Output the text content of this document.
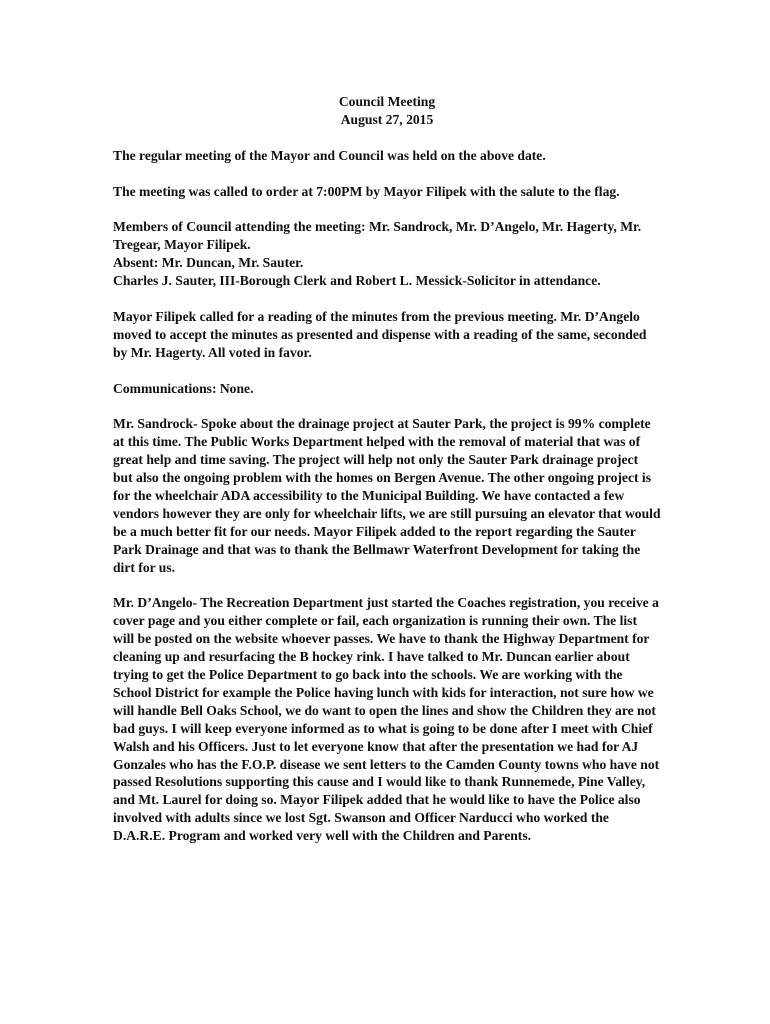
Council Meeting
August 27, 2015

The regular meeting of the Mayor and Council was held on the above date.

The meeting was called to order at 7:00PM by Mayor Filipek with the salute to the flag.

Members of Council attending the meeting: Mr. Sandrock, Mr. D’Angelo, Mr. Hagerty, Mr. Tregear, Mayor Filipek.
Absent: Mr. Duncan, Mr. Sauter.
Charles J. Sauter, III-Borough Clerk and Robert L. Messick-Solicitor in attendance.

Mayor Filipek called for a reading of the minutes from the previous meeting. Mr. D’Angelo moved to accept the minutes as presented and dispense with a reading of the same, seconded by Mr. Hagerty. All voted in favor.

Communications: None.

Mr. Sandrock- Spoke about the drainage project at Sauter Park, the project is 99% complete at this time. The Public Works Department helped with the removal of material that was of great help and time saving. The project will help not only the Sauter Park drainage project but also the ongoing problem with the homes on Bergen Avenue. The other ongoing project is for the wheelchair ADA accessibility to the Municipal Building. We have contacted a few vendors however they are only for wheelchair lifts, we are still pursuing an elevator that would be a much better fit for our needs. Mayor Filipek added to the report regarding the Sauter Park Drainage and that was to thank the Bellmawr Waterfront Development for taking the dirt for us.

Mr. D’Angelo- The Recreation Department just started the Coaches registration, you receive a cover page and you either complete or fail, each organization is running their own. The list will be posted on the website whoever passes. We have to thank the Highway Department for cleaning up and resurfacing the B hockey rink. I have talked to Mr. Duncan earlier about trying to get the Police Department to go back into the schools. We are working with the School District for example the Police having lunch with kids for interaction, not sure how we will handle Bell Oaks School, we do want to open the lines and show the Children they are not bad guys. I will keep everyone informed as to what is going to be done after I meet with Chief Walsh and his Officers. Just to let everyone know that after the presentation we had for AJ Gonzales who has the F.O.P. disease we sent letters to the Camden County towns who have not passed Resolutions supporting this cause and I would like to thank Runnemede, Pine Valley, and Mt. Laurel for doing so. Mayor Filipek added that he would like to have the Police also involved with adults since we lost Sgt. Swanson and Officer Narducci who worked the D.A.R.E. Program and worked very well with the Children and Parents.
